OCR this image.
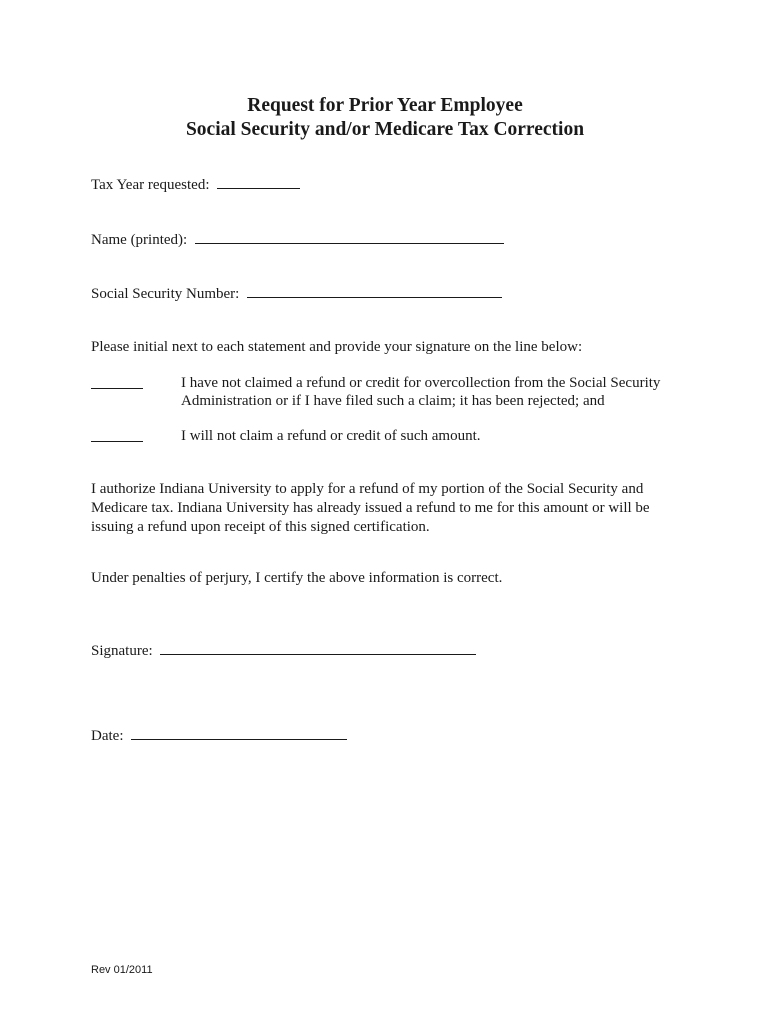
Request for Prior Year Employee
Social Security and/or Medicare Tax Correction
Tax Year requested:
Name (printed):
Social Security Number:
Please initial next to each statement and provide your signature on the line below:
I have not claimed a refund or credit for overcollection from the Social Security Administration or if I have filed such a claim; it has been rejected; and
I will not claim a refund or credit of such amount.
I authorize Indiana University to apply for a refund of my portion of the Social Security and Medicare tax. Indiana University has already issued a refund to me for this amount or will be issuing a refund upon receipt of this signed certification.
Under penalties of perjury, I certify the above information is correct.
Signature:
Date:
Rev 01/2011
